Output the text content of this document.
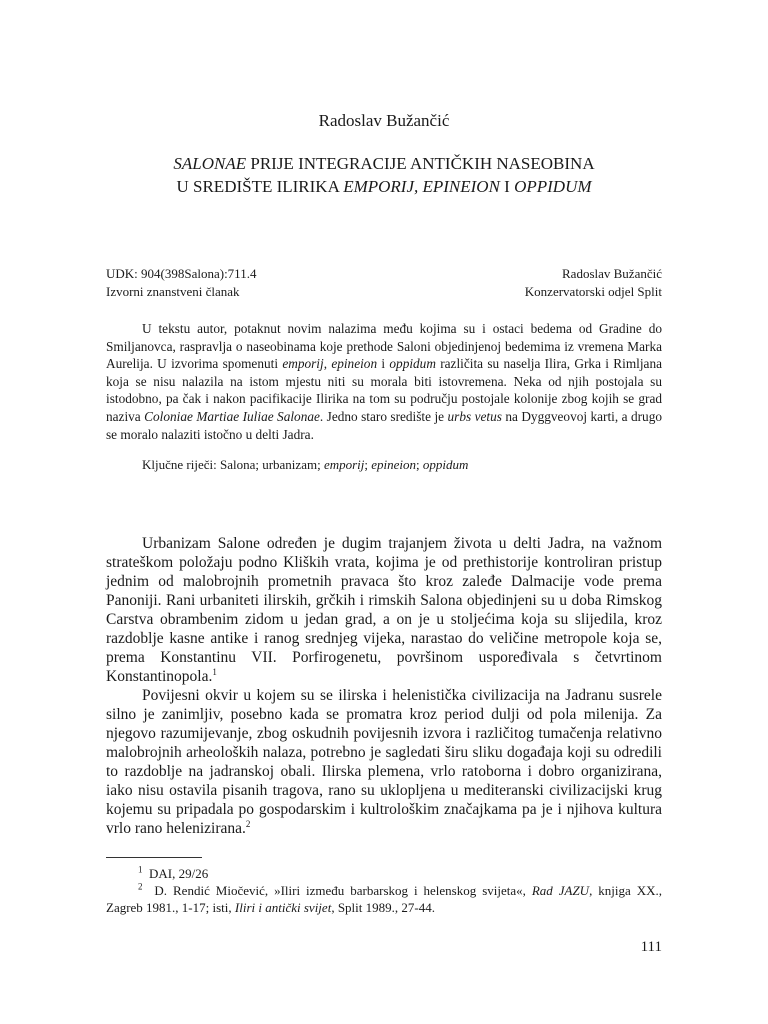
Radoslav Bužančić
SALONAE PRIJE INTEGRACIJE ANTIČKIH NASEOBINA
U SREDIŠTE ILIRIKA EMPORIJ, EPINEION I OPPIDUM
UDK: 904(398Salona):711.4
Izvorni znanstveni članak
Radoslav Bužančić
Konzervatorski odjel Split

U tekstu autor, potaknut novim nalazima među kojima su i ostaci bedema od Gradine do Smiljanovca, raspravlja o naseobinama koje prethode Saloni objedinjenoj bedemima iz vremena Marka Aurelija. U izvorima spomenuti emporij, epineion i oppidum različita su naselja Ilira, Grka i Rimljana koja se nisu nalazila na istom mjestu niti su morala biti istovremena. Neka od njih postojala su istodobno, pa čak i nakon pacifikacije Ilirika na tom su području postojale kolonije zbog kojih se grad naziva Coloniae Martiae Iuliae Salonae. Jedno staro središte je urbs vetus na Dyggveovoj karti, a drugo se moralo nalaziti istočno u delti Jadra.

Ključne riječi: Salona; urbanizam; emporij; epineion; oppidum

Urbanizam Salone određen je dugim trajanjem života u delti Jadra, na važnom strateškom položaju podno Kliških vrata, kojima je od prethistorije kontroliran pristup jednim od malobrojnih prometnih pravaca što kroz zaleđe Dalmacije vode prema Panoniji. Rani urbaniteti ilirskih, grčkih i rimskih Salona objedinjeni su u doba Rimskog Carstva obrambenim zidom u jedan grad, a on je u stoljećima koja su slijedila, kroz razdoblje kasne antike i ranog srednjeg vijeka, narastao do veličine metropole koja se, prema Konstantinu VII. Porfirogenetu, površinom uspoređivala s četvrtinom Konstantinopola.$^1$

Povijesni okvir u kojem su se ilirska i helenistička civilizacija na Jadranu susrele silno je zanimljiv, posebno kada se promatra kroz period dulji od pola milenija. Za njegovo razumijevanje, zbog oskudnih povijesnih izvora i različitog tumačenja relativno malobrojnih arheoloških nalaza, potrebno je sagledati širu sliku događaja koji su odredili to razdoblje na jadranskoj obali. Ilirska plemena, vrlo ratoborna i dobro organizirana, iako nisu ostavila pisanih tragova, rano su uklopljena u mediteranski civilizacijski krug kojemu su pripadala po gospodarskim i kultrološkim značajkama pa je i njihova kultura vrlo rano helenizirana.$^2$

$^1$ DAI, 29/26

$^2$ D. Rendić Miočević, »Iliri između barbarskog i helenskog svijeta«, Rad JAZU, knjiga XX., Zagreb 1981., 1-17; isti, Iliri i antički svijet, Split 1989., 27-44.

111
